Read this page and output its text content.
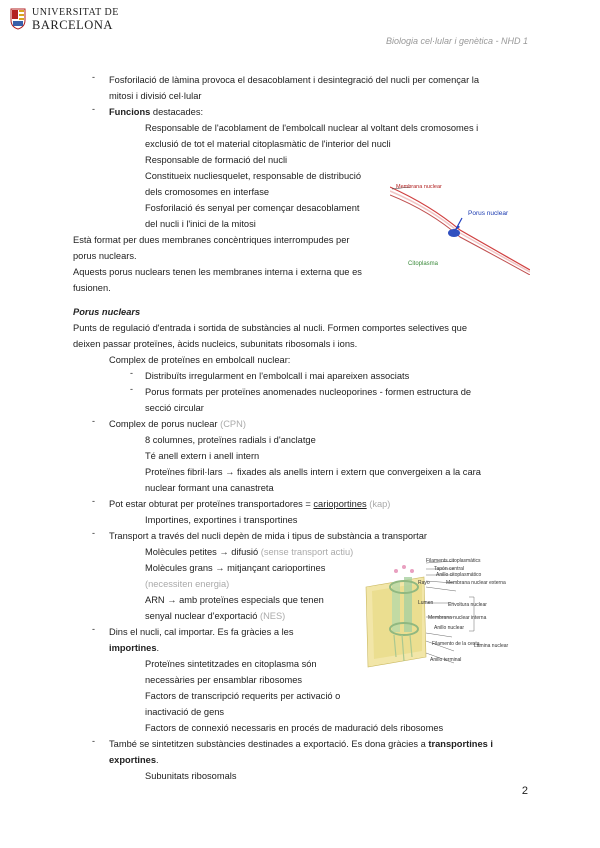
UNIVERSITAT DE
BARCELONA
Biologia cel·lular i genètica - NHD 1
- Fosforilació de làmina provoca el desacoblament i desintegració del nucli per començar la
mitosi i divisió cel·lular
- Funcions destacades:
Responsable de l'acoblament de l'embolcall nuclear al voltant dels cromosomes i
exclusió de tot el material citoplasmàtic de l'interior del nucli
Responsable de formació del nucli
Constitueix nucliesquelet, responsable de distribució
dels cromosomes en interfase
Fosforilació és senyal per començar desacoblament
del nucli i l'inici de la mitosi
Està format per dues membranes concèntriques interrompudes per
porus nuclears.
Aquests porus nuclears tenen les membranes interna i externa que es
fusionen.
Membrana nuclear
Porus nuclear
Citoplasma
Porus nuclears
Punts de regulació d'entrada i sortida de substàncies al nucli. Formen comportes selectives que
deixen passar proteïnes, àcids nucleics, subunitats ribosomals i ions.
Complex de proteïnes en embolcall nuclear:
- Distribuïts irregularment en l'embolcall i mai apareixen associats
- Porus formats per proteïnes anomenades nucleoporines - formen estructura de
secció circular
- Complex de porus nuclear (CPN)
8 columnes, proteïnes radials i d'anclatge
Té anell extern i anell intern
Proteïnes fibril·lars → fixades als anells intern i extern que convergeixen a la cara
nuclear formant una canastreta
- Pot estar obturat per proteïnes transportadores = carioportines (kap)
Importines, exportines i transportines
- Transport a través del nucli depèn de mida i tipus de substància a transportar
Molècules petites → difusió (sense transport actiu)
Molècules grans → mitjançant carioportines
(necessiten energia)
ARN → amb proteïnes especials que tenen
senyal nuclear d'exportació (NES)
- Dins el nucli, cal importar. Es fa gràcies a les
importines.
Proteïnes sintetitzades en citoplasma són
necessàries per ensamblar ribosomes
Factors de transcripció requerits per activació o
inactivació de gens
Factors de connexió necessaris en procés de maduració dels ribosomes
- També se sintetitzen substàncies destinades a exportació. Es dona gràcies a transportines i
exportines.
Subunitats ribosomals
Filaments citoplasmàtics
Tapón central
Anillo citoplasmático
Rayo	Membrana nuclear externa
Lumen	Envoltura nuclear
Membrana nuclear interna
Anillo nuclear
Filamento de la cesta
Lamina nuclear
Anillo terminal
2
